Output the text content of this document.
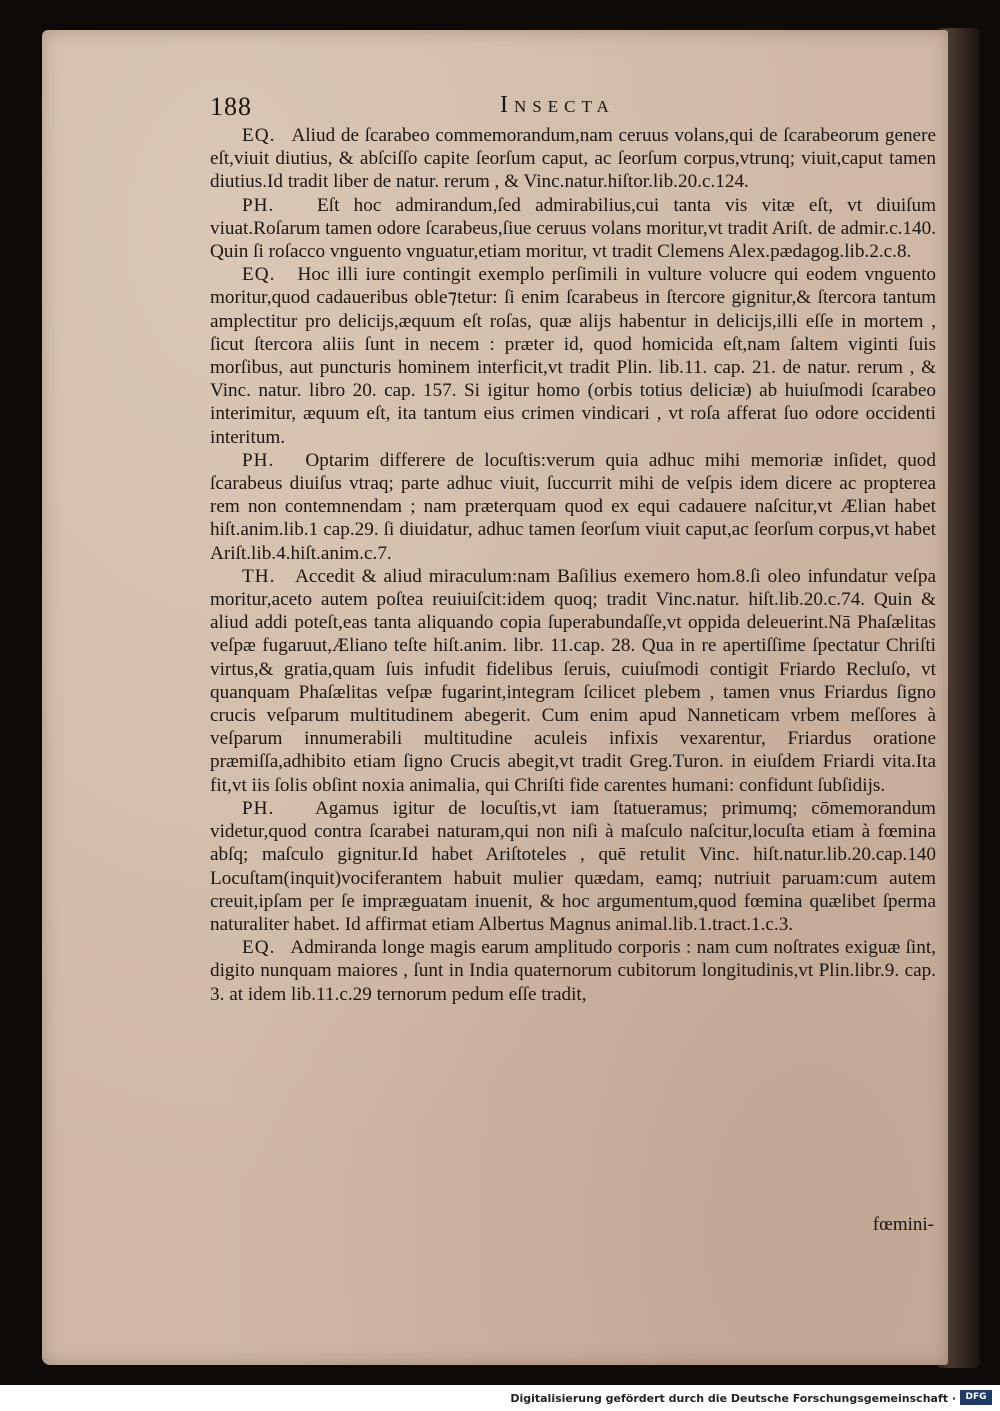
188	Insecta

EQ. Aliud de ſcarabeo commemorandum,nam ceruus volans,qui de ſcarabeorum genere eſt,viuit diutius, & abſciſſo capite ſeorſum caput, ac ſeorſum corpus,vtrunq; viuit,caput tamen diutius.Id tradit liber de natur. rerum , & Vinc.natur.hiſtor.lib.20.c.124.

PH. Eſt hoc admirandum,ſed admirabilius,cui tanta vis vitæ eſt, vt diuiſum viuat.Roſarum tamen odore ſcarabeus,ſiue ceruus volans moritur,vt tradit Ariſt. de admir.c.140. Quin ſi roſacco vnguento vnguatur,etiam moritur, vt tradit Clemens Alex.pædagog.lib.2.c.8.

EQ. Hoc illi iure contingit exemplo perſimili in vulture volucre qui eodem vnguento moritur,quod cadaueribus oble⁊tetur: ſi enim ſcarabeus in ſtercore gignitur,& ſtercora tantum amplectitur pro delicijs,æquum eſt roſas, quæ alijs habentur in delicijs,illi eſſe in mortem , ſicut ſtercora aliis ſunt in necem : præter id, quod homicida eſt,nam ſaltem viginti ſuis morſibus, aut puncturis hominem interficit,vt tradit Plin. lib.11. cap. 21. de natur. rerum , & Vinc. natur. libro 20. cap. 157. Si igitur homo (orbis totius deliciæ) ab huiuſmodi ſcarabeo interimitur, æquum eſt, ita tantum eius crimen vindicari , vt roſa afferat ſuo odore occidenti interitum.

PH. Optarim differere de locuſtis:verum quia adhuc mihi memoriæ inſidet, quod ſcarabeus diuiſus vtraq; parte adhuc viuit, ſuccurrit mihi de veſpis idem dicere ac propterea rem non contemnendam ; nam præterquam quod ex equi cadauere naſcitur,vt Ælian habet hiſt.anim.lib.1 cap.29. ſi diuidatur, adhuc tamen ſeorſum viuit caput,ac ſeorſum corpus,vt habet Ariſt.lib.4.hiſt.anim.c.7.

TH. Accedit & aliud miraculum:nam Baſilius exemero hom.8.ſi oleo infundatur veſpa moritur,aceto autem poſtea reuiuiſcit:idem quoq; tradit Vinc.natur. hiſt.lib.20.c.74. Quin & aliud addi poteſt,eas tanta aliquando copia ſuperabundaſſe,vt oppida deleuerint.Nā Phaſælitas veſpæ fugaruut,Æliano teſte hiſt.anim. libr. 11.cap. 28. Qua in re apertiſſime ſpectatur Chriſti virtus,& gratia,quam ſuis infudit fidelibus ſeruis, cuiuſmodi contigit Friardo Recluſo, vt quanquam Phaſælitas veſpæ fugarint,integram ſcilicet plebem , tamen vnus Friardus ſigno crucis veſparum multitudinem abegerit. Cum enim apud Nanneticam vrbem meſſores à veſparum innumerabili multitudine aculeis infixis vexarentur, Friardus oratione præmiſſa,adhibito etiam ſigno Crucis abegit,vt tradit Greg.Turon. in eiuſdem Friardi vita.Ita fit,vt iis ſolis obſint noxia animalia, qui Chriſti fide carentes humani: confidunt ſubſidijs.

PH. Agamus igitur de locuſtis,vt iam ſtatueramus; primumq; cōmemorandum videtur,quod contra ſcarabei naturam,qui non niſi à maſculo naſcitur,locuſta etiam à fœmina abſq; maſculo gignitur.Id habet Ariſtoteles , quē retulit Vinc. hiſt.natur.lib.20.cap.140 Locuſtam(inquit)vociferantem habuit mulier quædam, eamq; nutriuit paruam:cum autem creuit,ipſam per ſe impræguatam inuenit, & hoc argumentum,quod fœmina quælibet ſperma naturaliter habet. Id affirmat etiam Albertus Magnus animal.lib.1.tract.1.c.3.

EQ. Admiranda longe magis earum amplitudo corporis : nam cum noſtrates exiguæ ſint, digito nunquam maiores , ſunt in India quaternorum cubitorum longitudinis,vt Plin.libr.9. cap. 3. at idem lib.11.c.29 ternorum pedum eſſe tradit,

fœmini-
Digitalisierung gefördert durch die Deutsche Forschungsgemeinschaft ·	DFG
